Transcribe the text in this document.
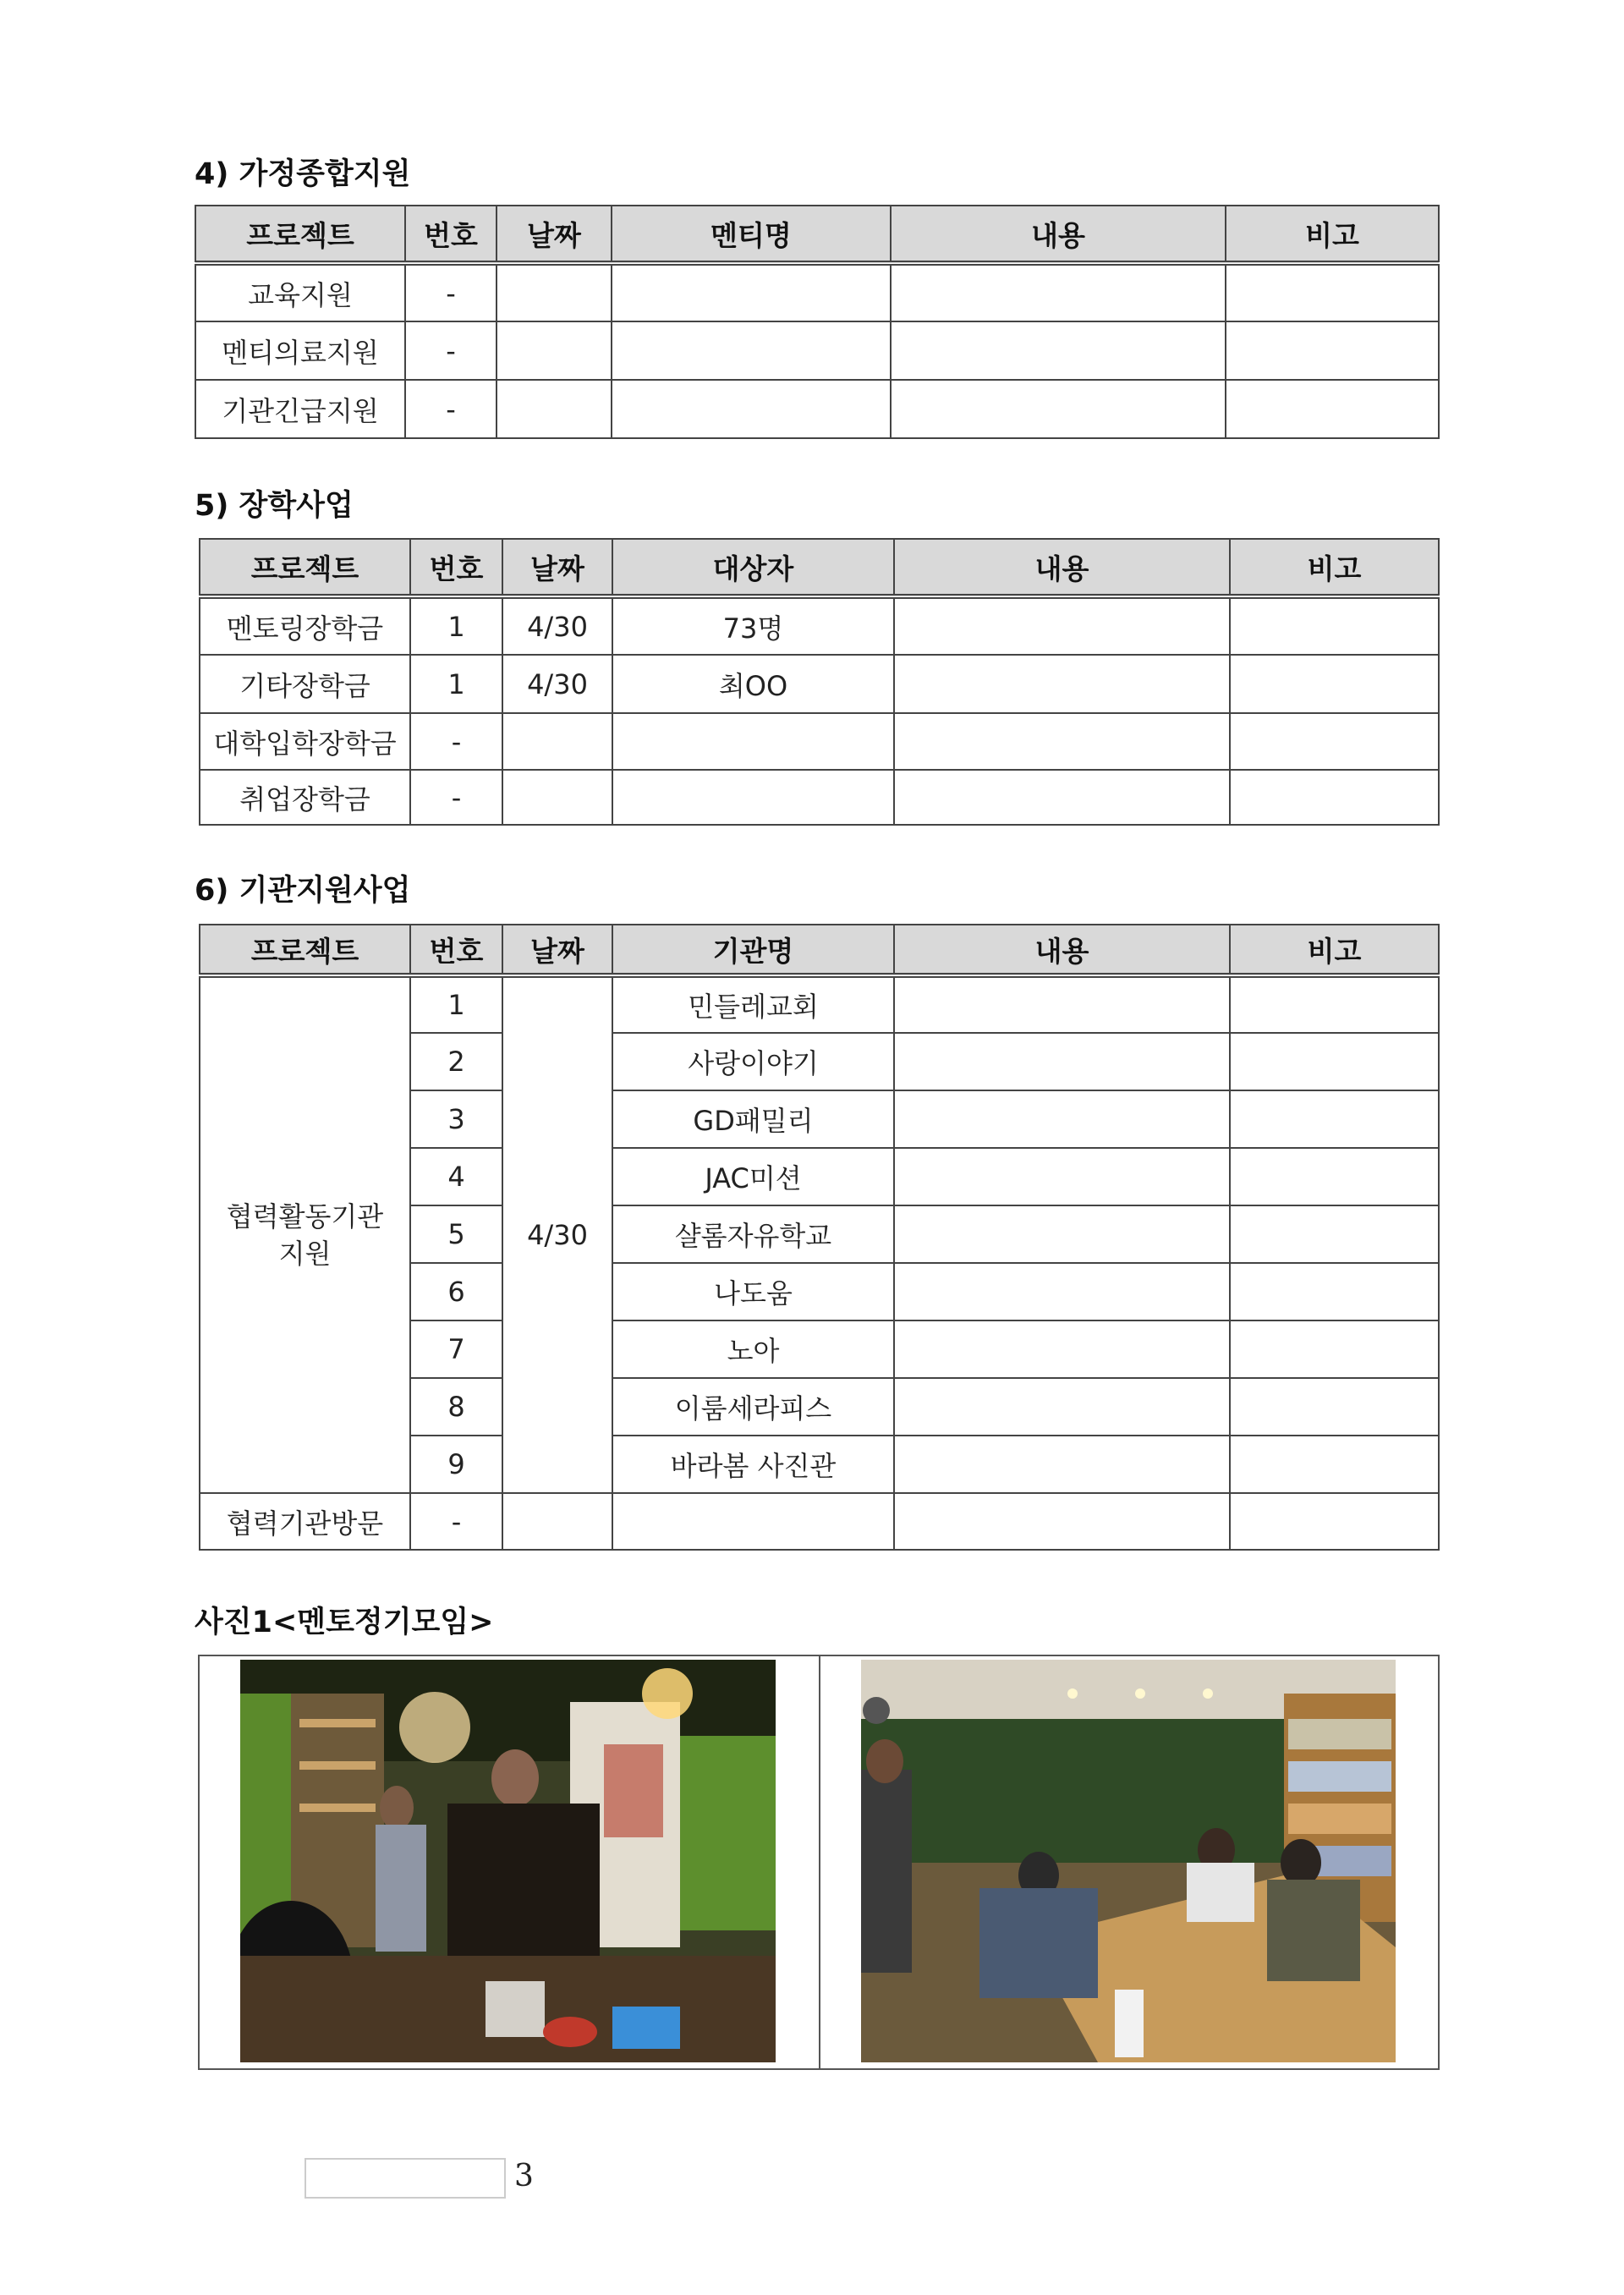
4) 가정종합지원
프로젝트	번호	날짜	멘티명	내용	비고
교육지원	-				
멘티의료지원	-				
기관긴급지원	-				
5) 장학사업
프로젝트	번호	날짜	대상자	내용	비고
멘토링장학금	1	4/30	73명		
기타장학금	1	4/30	최OO		
대학입학장학금	-				
취업장학금	-				
6) 기관지원사업
프로젝트	번호	날짜	기관명	내용	비고

협력활동기관
지원	1	4/30	민들레교회		
	2		사랑이야기		
	3		GD패밀리		
	4		JAC미션		
	5		샬롬자유학교		
	6		나도움		
	7		노아		
	8		이룸세라피스		
	9		바라봄 사진관		
협력기관방문	-				
사진1<멘토정기모임>
3
